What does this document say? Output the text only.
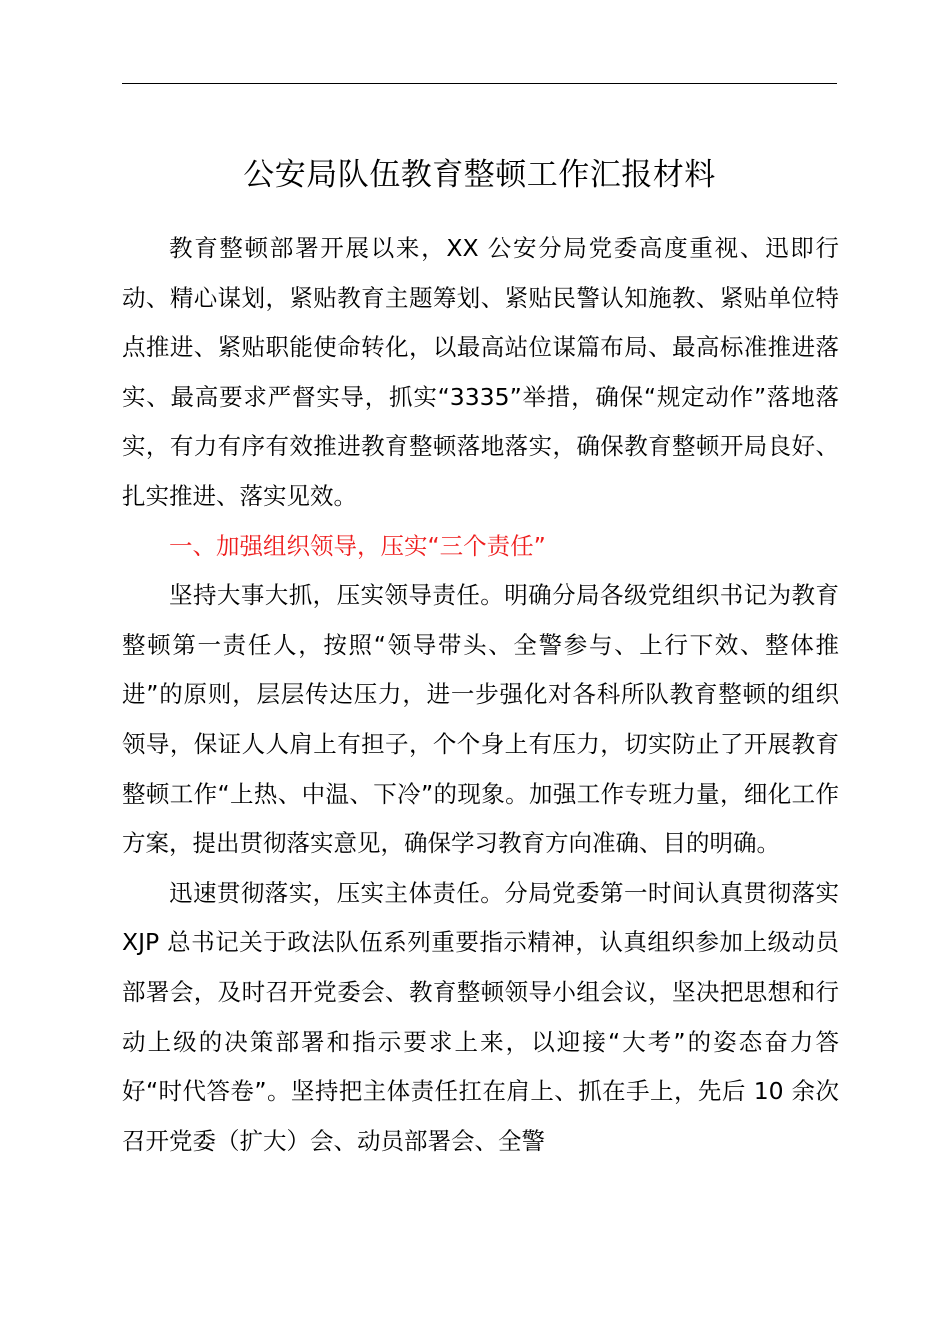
公安局队伍教育整顿工作汇报材料

教育整顿部署开展以来，XX 公安分局党委高度重视、迅即行动、精心谋划，紧贴教育主题筹划、紧贴民警认知施教、紧贴单位特点推进、紧贴职能使命转化，以最高站位谋篇布局、最高标准推进落实、最高要求严督实导，抓实“3335”举措，确保“规定动作”落地落实，有力有序有效推进教育整顿落地落实，确保教育整顿开局良好、扎实推进、落实见效。

一、加强组织领导，压实“三个责任”

坚持大事大抓，压实领导责任。明确分局各级党组织书记为教育整顿第一责任人，按照“领导带头、全警参与、上行下效、整体推进”的原则，层层传达压力，进一步强化对各科所队教育整顿的组织领导，保证人人肩上有担子，个个身上有压力，切实防止了开展教育整顿工作“上热、中温、下冷”的现象。加强工作专班力量，细化工作方案，提出贯彻落实意见，确保学习教育方向准确、目的明确。

迅速贯彻落实，压实主体责任。分局党委第一时间认真贯彻落实 XJP 总书记关于政法队伍系列重要指示精神，认真组织参加上级动员部署会，及时召开党委会、教育整顿领导小组会议，坚决把思想和行动上级的决策部署和指示要求上来，以迎接“大考”的姿态奋力答好“时代答卷”。坚持把主体责任扛在肩上、抓在手上，先后 10 余次召开党委（扩大）会、动员部署会、全警
